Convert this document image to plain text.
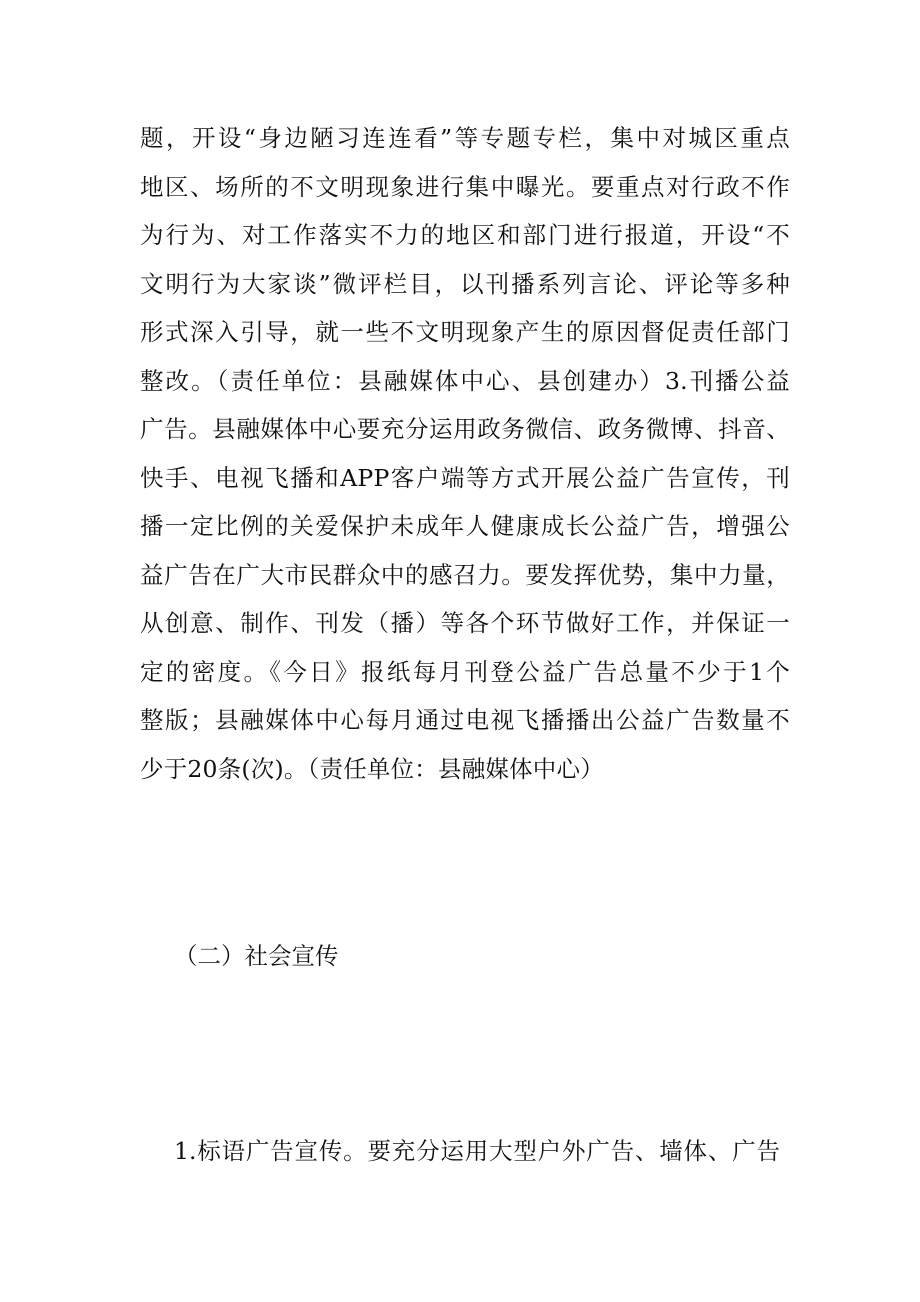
题，开设“身边陋习连连看”等专题专栏，集中对城区重点
地区、场所的不文明现象进行集中曝光。要重点对行政不作
为行为、对工作落实不力的地区和部门进行报道，开设“不
文明行为大家谈”微评栏目，以刊播系列言论、评论等多种
形式深入引导，就一些不文明现象产生的原因督促责任部门
整改。（责任单位：县融媒体中心、县创建办）3.刊播公益
广告。县融媒体中心要充分运用政务微信、政务微博、抖音、
快手、电视飞播和APP客户端等方式开展公益广告宣传，刊
播一定比例的关爱保护未成年人健康成长公益广告，增强公
益广告在广大市民群众中的感召力。要发挥优势，集中力量，
从创意、制作、刊发（播）等各个环节做好工作，并保证一
定的密度。《今日》报纸每月刊登公益广告总量不少于1个
整版；县融媒体中心每月通过电视飞播播出公益广告数量不
少于20条(次)。（责任单位：县融媒体中心）
（二）社会宣传

1.标语广告宣传。要充分运用大型户外广告、墙体、广告
